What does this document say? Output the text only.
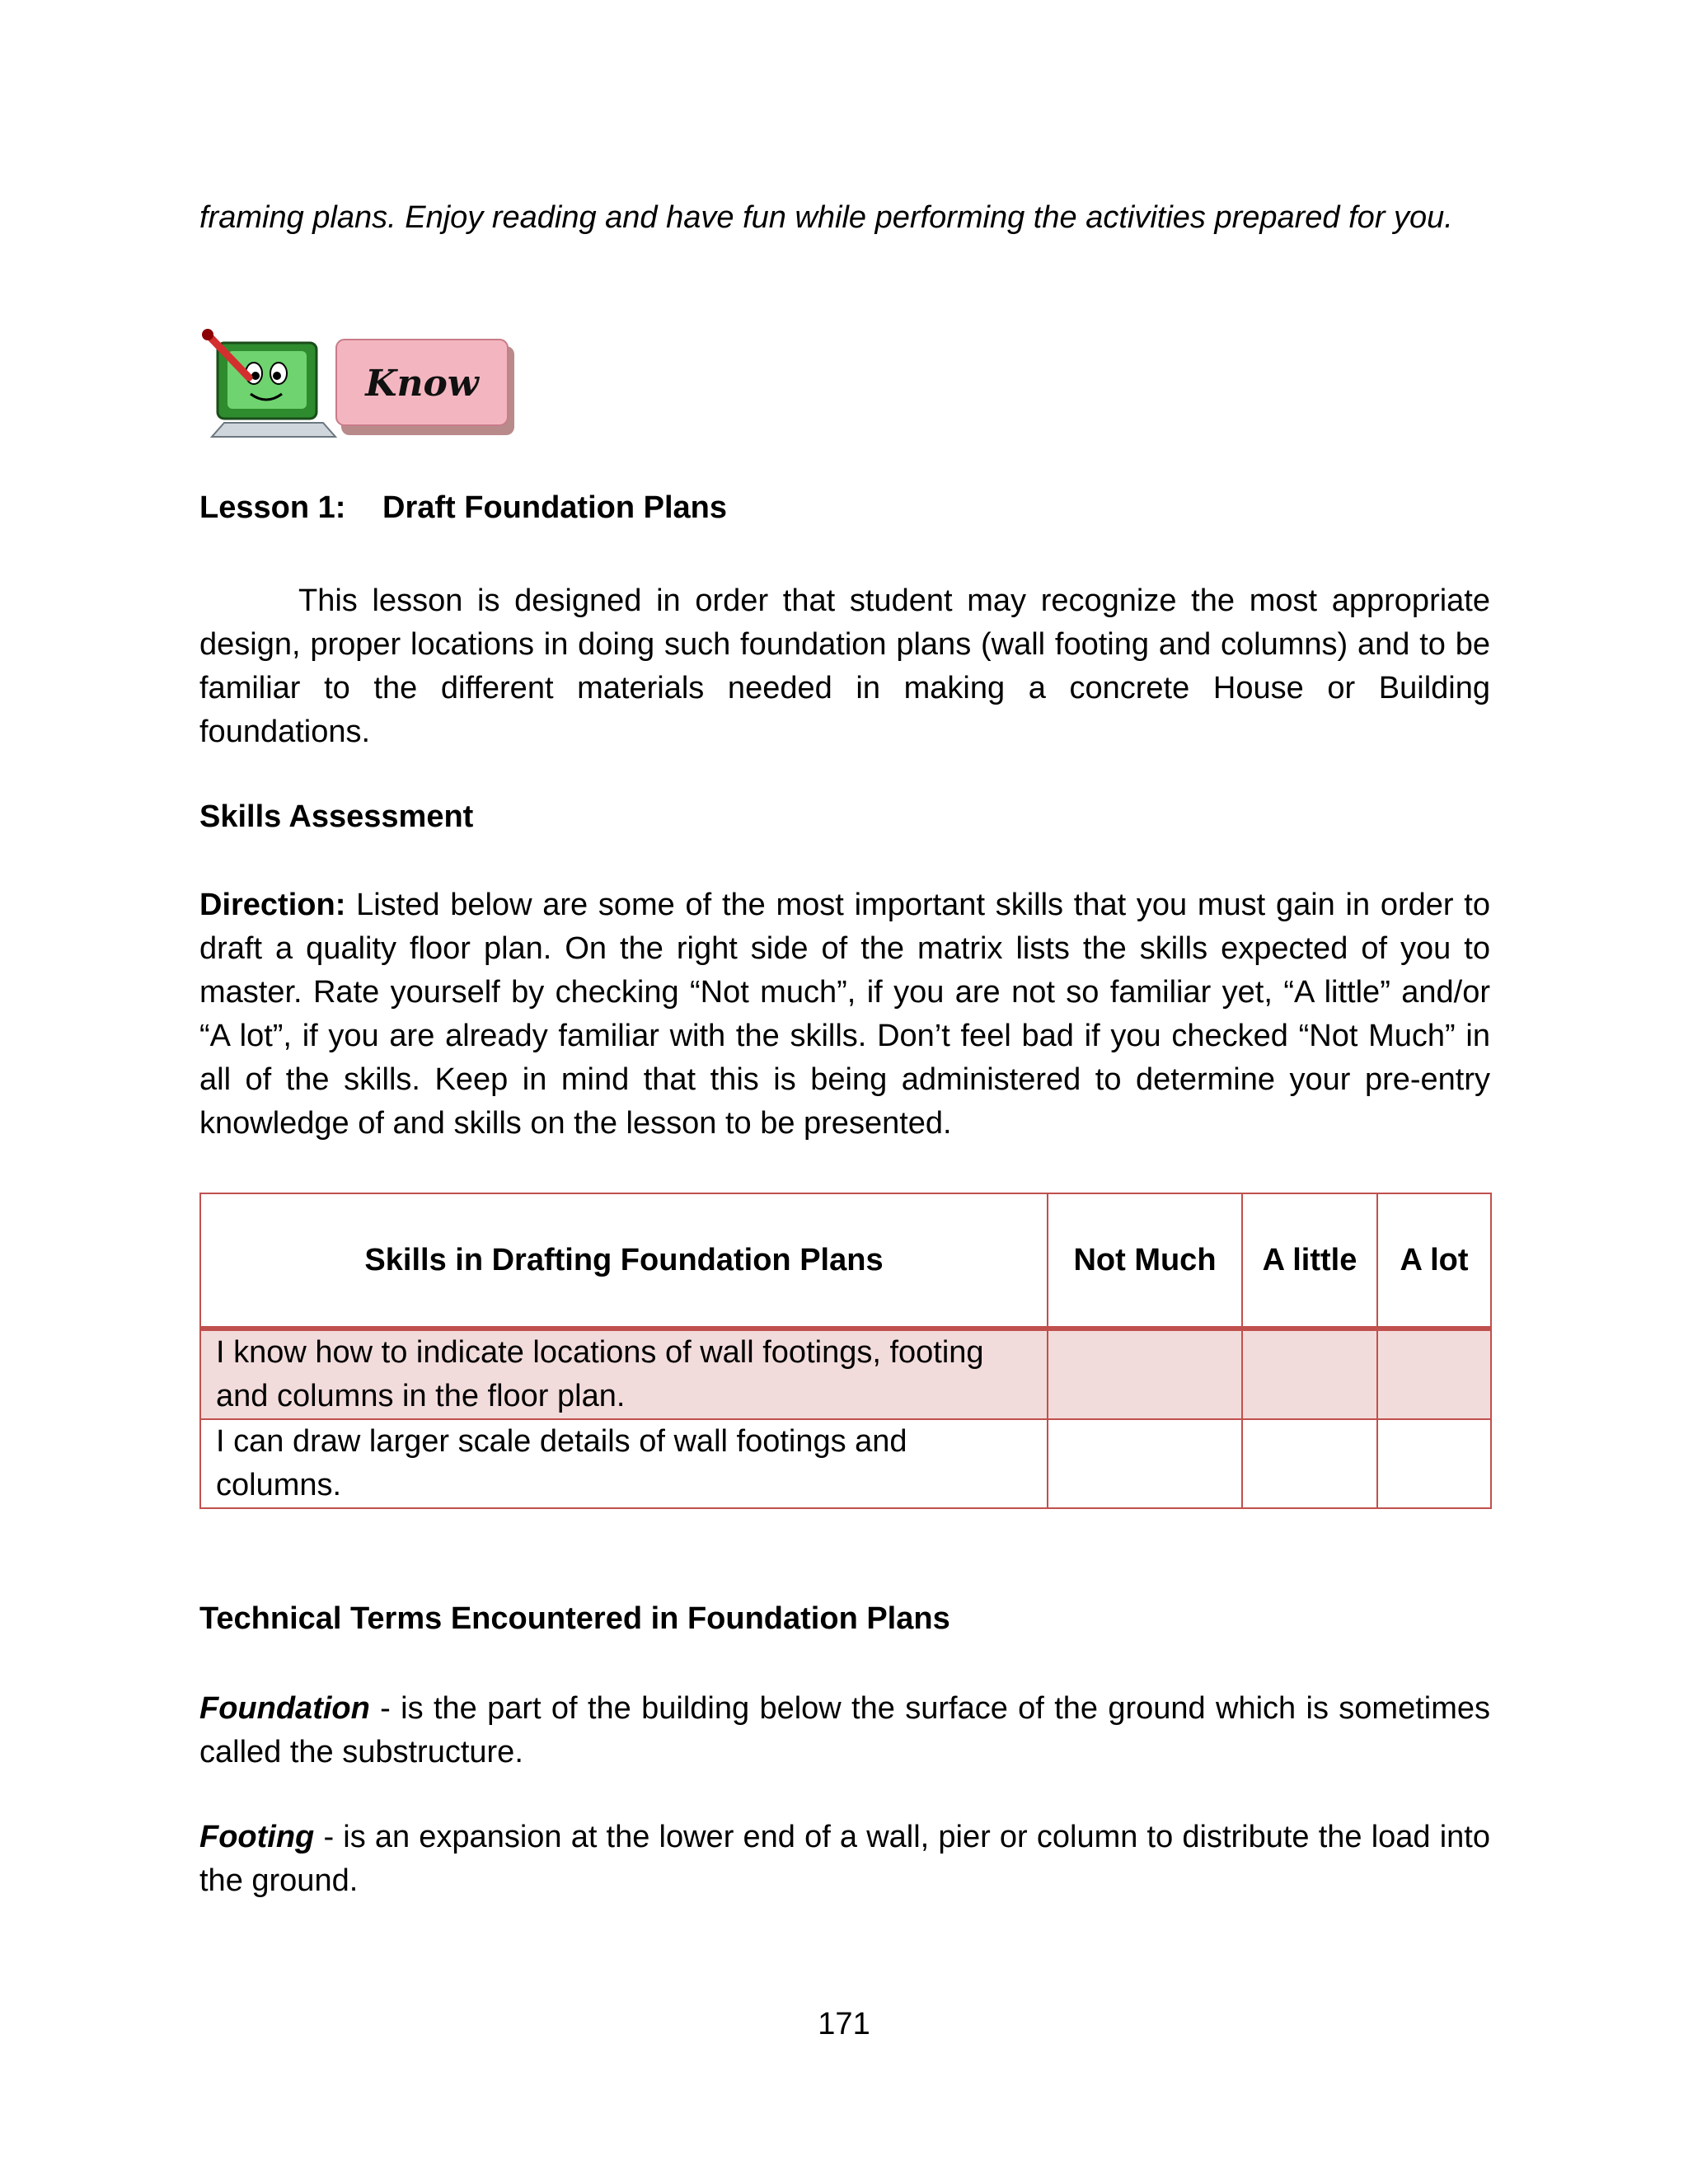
framing plans. Enjoy reading and have fun while performing the activities prepared for you.

Know
Lesson 1: Draft Foundation Plans

This lesson is designed in order that student may recognize the most appropriate design, proper locations in doing such foundation plans (wall footing and columns) and to be familiar to the different materials needed in making a concrete House or Building foundations.

Skills Assessment

Direction: Listed below are some of the most important skills that you must gain in order to draft a quality floor plan. On the right side of the matrix lists the skills expected of you to master. Rate yourself by checking “Not much”, if you are not so familiar yet, “A little” and/or “A lot”, if you are already familiar with the skills. Don’t feel bad if you checked “Not Much” in all of the skills. Keep in mind that this is being administered to determine your pre-entry knowledge of and skills on the lesson to be presented.

Skills in Drafting Foundation Plans	Not Much	A little	A lot
I know how to indicate locations of wall footings, footing and columns in the floor plan.			
I can draw larger scale details of wall footings and columns.			
Technical Terms Encountered in Foundation Plans

Foundation - is the part of the building below the surface of the ground which is sometimes called the substructure.

Footing - is an expansion at the lower end of a wall, pier or column to distribute the load into the ground.

171
